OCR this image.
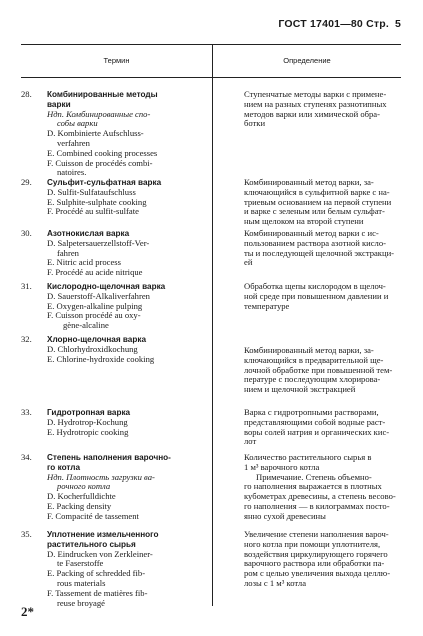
ГОСТ 17401—80 Стр. 5
Термин	Определение
28.	Комбинированные методы
варки
Ндп. Комбинированные спо-
собы варки
D. Kombinierte Aufschluss-
verfahren
E. Combined cooking processes
F. Cuisson de procédés combi-
natoires.
Ступенчатые методы варки с примене-
нием на разных ступенях разнотипных
методов варки или химической обра-
ботки
29.	Сульфит-сульфатная варка
D. Sulfit-Sulfataufschluss
E. Sulphite-sulphate cooking
F. Procédé au sulfit-sulfate
Комбинированный метод варки, за-
ключающийся в сульфитной варке с на-
триевым основанием на первой ступени
и варке с зеленым или белым сульфат-
ным щелоком на второй ступени
30.	Азотнокислая варка
D. Salpetersauerzellstoff-Ver-
fahren
E. Nitric acid process
F. Procédé au acide nitrique
Комбинированный метод варки с ис-
пользованием раствора азотной кисло-
ты и последующей щелочной экстракци-
ей
31.	Кислородно-щелочная варка
D. Sauerstoff-Alkaliverfahren
E. Oxygen-alkaline pulping
F. Cuisson procédé au oxy-
gène-alcaline
Обработка щепы кислородом в щелоч-
ной среде при повышенном давлении и
температуре
32.	Хлорно-щелочная варка
D. Chlorhydroxidkochung
E. Chlorine-hydroxide cooking
Комбинированный метод варки, за-
ключающийся в предварительной ще-
лочной обработке при повышенной тем-
пературе с последующим хлорирова-
нием и щелочной экстракцией
33.	Гидротропная варка
D. Hydrotrop-Kochung
E. Hydrotropic cooking
Варка с гидротропными растворами,
представляющими собой водные раст-
воры солей натрия и органических кис-
лот
34.	Степень наполнения варочно-
го котла
Ндп. Плотность загрузки ва-
рочного котла
D. Kocherfulldichte
E. Packing density
F. Compacité de tassement
Количество растительного сырья в
1 м³ варочного котла
Примечание. Степень объемно-
го наполнения выражается в плотных
кубометрах древесины, а степень весово-
го наполнения — в килограммах посто-
янно сухой древесины
35.	Уплотнение измельченного
растительного сырья
D. Eindrucken von Zerkleiner-
te Faserstoffe
E. Packing of schredded fib-
rous materials
F. Tassement de matières fib-
reuse broyagé
Увеличение степени наполнения вароч-
ного котла при помощи уплотнителя,
воздействия циркулирующего горячего
варочного раствора или обработки па-
ром с целью увеличения выхода целлю-
лозы с 1 м³ котла
2*
